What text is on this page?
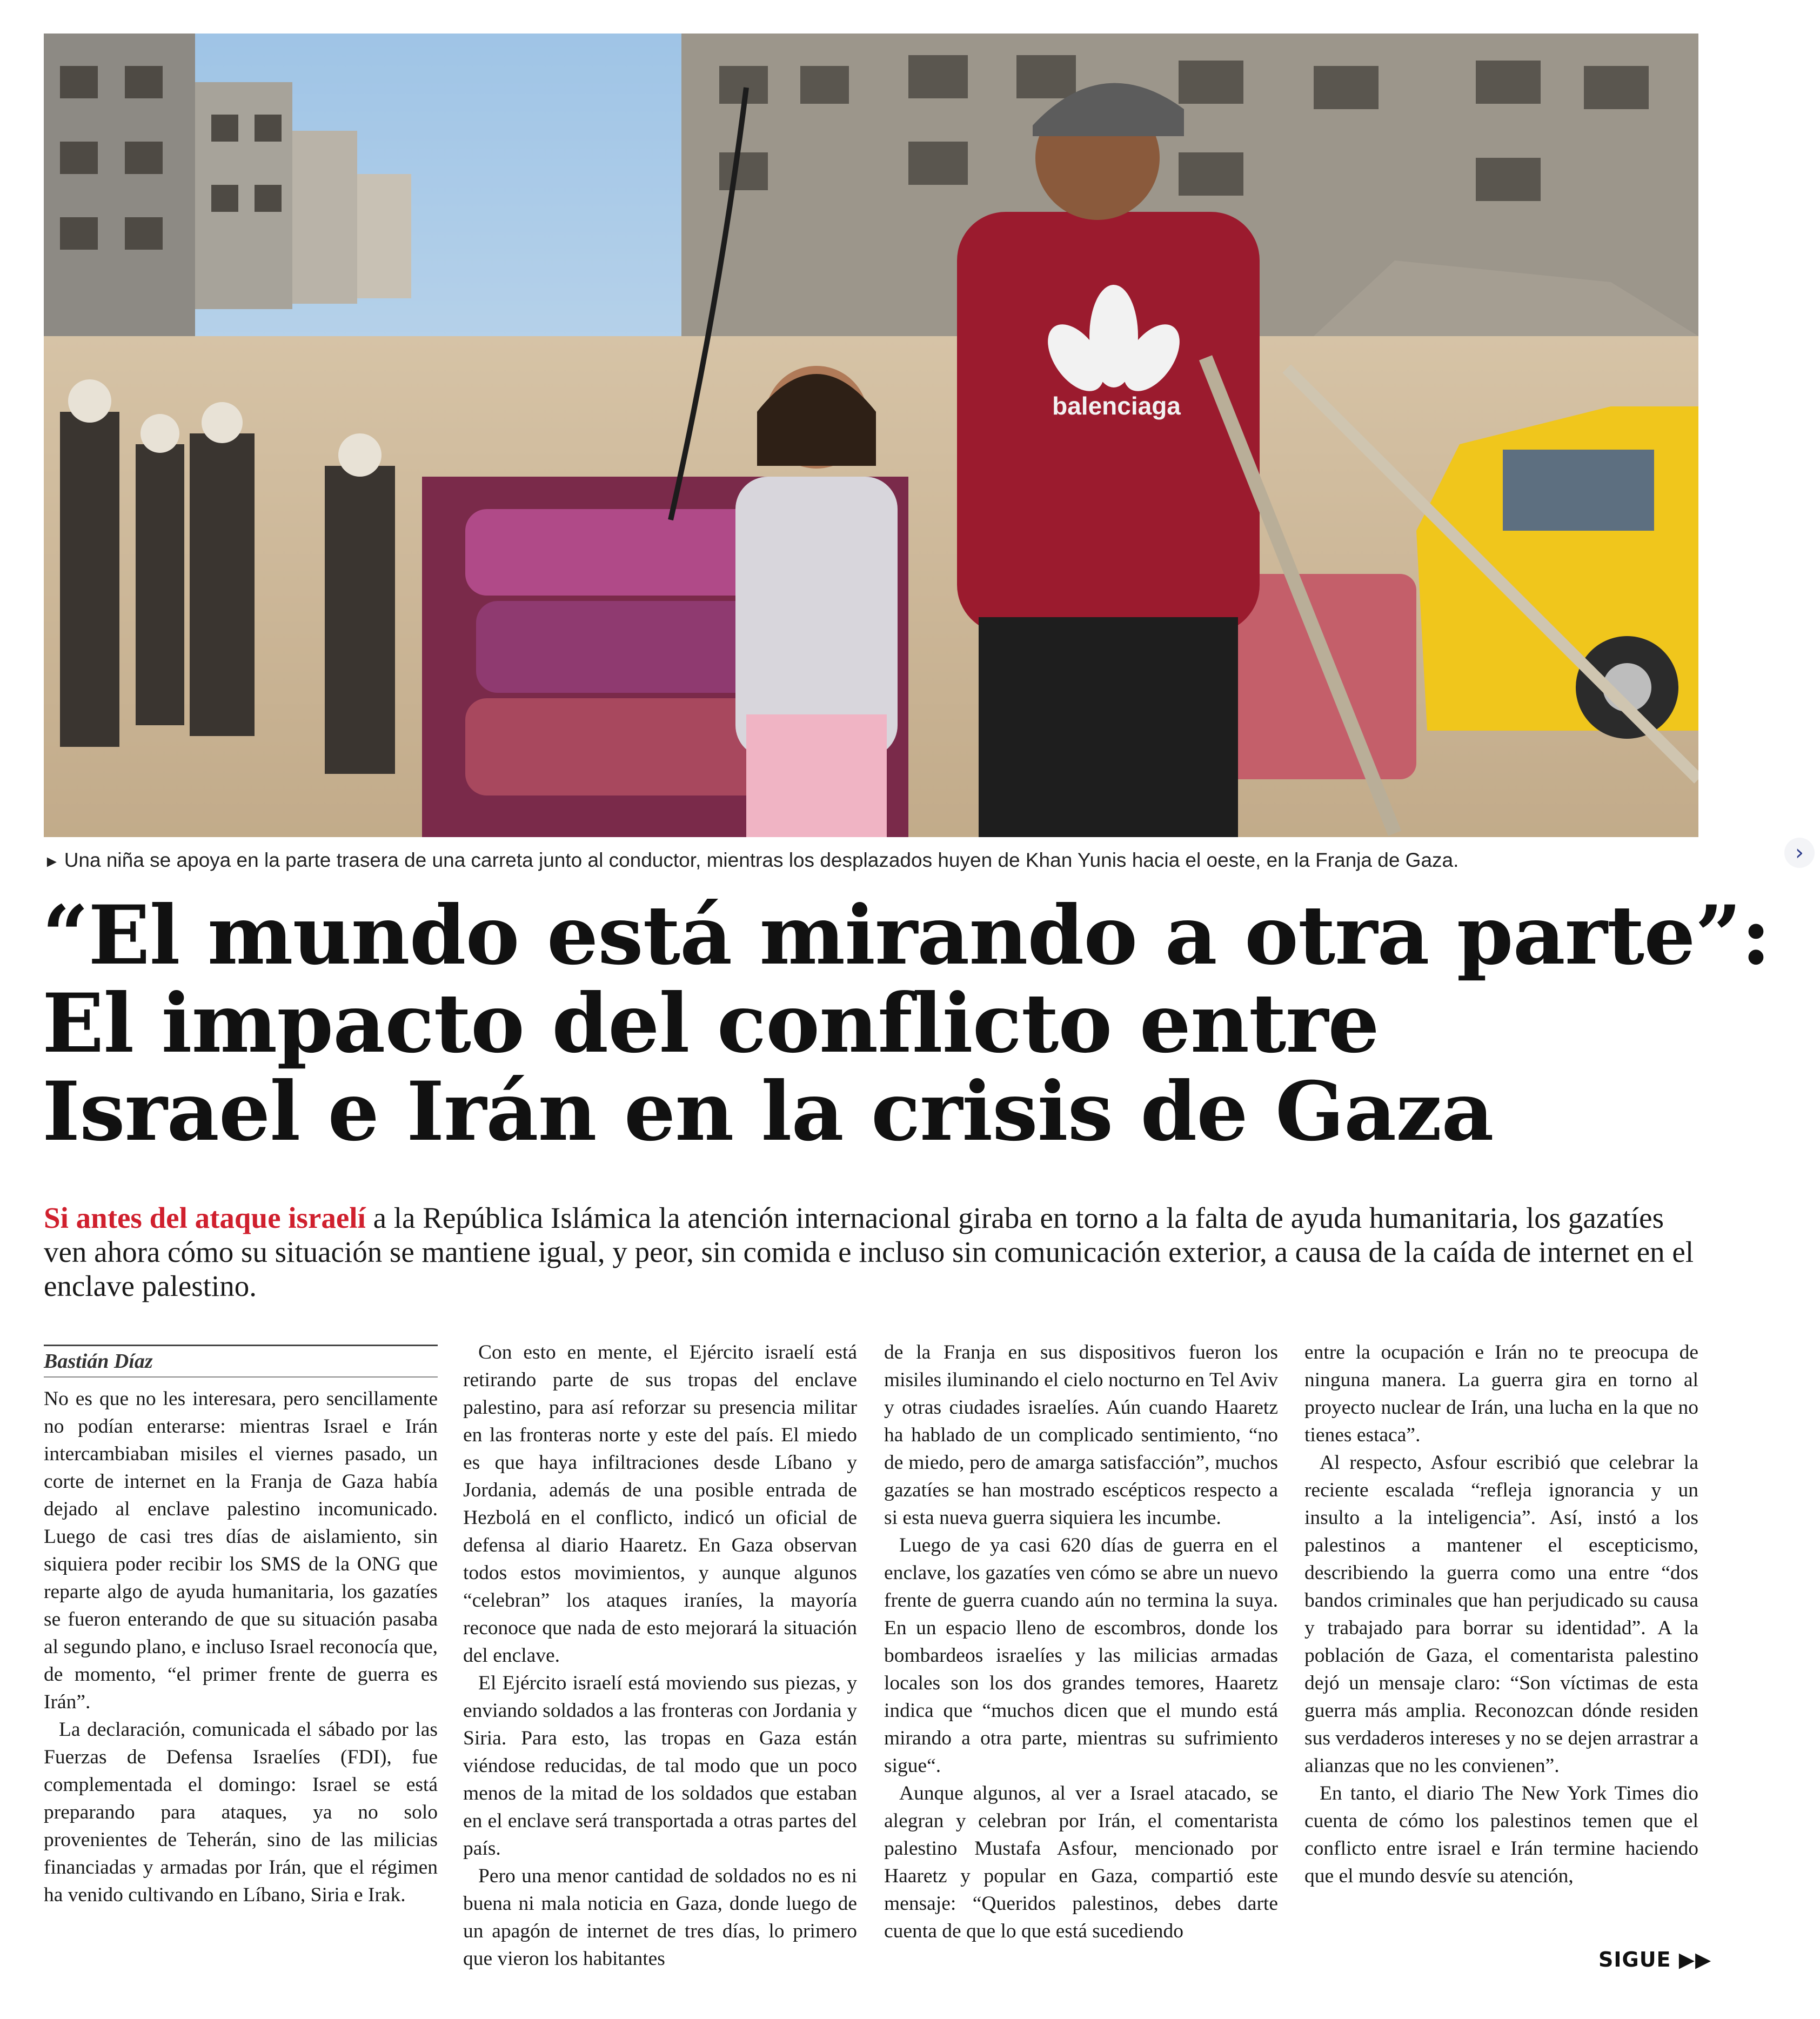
balenciaga
► Una niña se apoya en la parte trasera de una carreta junto al conductor, mientras los desplazados huyen de Khan Yunis hacia el oeste, en la Franja de Gaza.	›
“El mundo está mirando a otra parte”:
El impacto del conflicto entre
Israel e Irán en la crisis de Gaza
Si antes del ataque israelí a la República Islámica la atención internacional giraba en torno a la falta de ayuda humanitaria, los gazatíes ven ahora cómo su situación se mantiene igual, y peor, sin comida e incluso sin comunicación exterior, a causa de la caída de internet en el enclave palestino.
Bastián Díaz

No es que no les interesara, pero sencillamente no podían enterarse: mientras Israel e Irán intercambiaban misiles el viernes pasado, un corte de internet en la Franja de Gaza había dejado al enclave palestino incomunicado. Luego de casi tres días de aislamiento, sin siquiera poder recibir los SMS de la ONG que reparte algo de ayuda humanitaria, los gazatíes se fueron enterando de que su situación pasaba al segundo plano, e incluso Israel reconocía que, de momento, “el primer frente de guerra es Irán”.

La declaración, comunicada el sábado por las Fuerzas de Defensa Israelíes (FDI), fue complementada el domingo: Israel se está preparando para ataques, ya no solo provenientes de Teherán, sino de las milicias financiadas y armadas por Irán, que el régimen ha venido cultivando en Líbano, Siria e Irak.

Con esto en mente, el Ejército israelí está retirando parte de sus tropas del enclave palestino, para así reforzar su presencia militar en las fronteras norte y este del país. El miedo es que haya infiltraciones desde Líbano y Jordania, además de una posible entrada de Hezbolá en el conflicto, indicó un oficial de defensa al diario Haaretz. En Gaza observan todos estos movimientos, y aunque algunos “celebran” los ataques iraníes, la mayoría reconoce que nada de esto mejorará la situación del enclave.

El Ejército israelí está moviendo sus piezas, y enviando soldados a las fronteras con Jordania y Siria. Para esto, las tropas en Gaza están viéndose reducidas, de tal modo que un poco menos de la mitad de los soldados que estaban en el enclave será transportada a otras partes del país.

Pero una menor cantidad de soldados no es ni buena ni mala noticia en Gaza, donde luego de un apagón de internet de tres días, lo primero que vieron los habitantes

de la Franja en sus dispositivos fueron los misiles iluminando el cielo nocturno en Tel Aviv y otras ciudades israelíes. Aún cuando Haaretz ha hablado de un complicado sentimiento, “no de miedo, pero de amarga satisfacción”, muchos gazatíes se han mostrado escépticos respecto a si esta nueva guerra siquiera les incumbe.

Luego de ya casi 620 días de guerra en el enclave, los gazatíes ven cómo se abre un nuevo frente de guerra cuando aún no termina la suya. En un espacio lleno de escombros, donde los bombardeos israelíes y las milicias armadas locales son los dos grandes temores, Haaretz indica que “muchos dicen que el mundo está mirando a otra parte, mientras su sufrimiento sigue“.

Aunque algunos, al ver a Israel atacado, se alegran y celebran por Irán, el comentarista palestino Mustafa Asfour, mencionado por Haaretz y popular en Gaza, compartió este mensaje: “Queridos palestinos, debes darte cuenta de que lo que está sucediendo

entre la ocupación e Irán no te preocupa de ninguna manera. La guerra gira en torno al proyecto nuclear de Irán, una lucha en la que no tienes estaca”.

Al respecto, Asfour escribió que celebrar la reciente escalada “refleja ignorancia y un insulto a la inteligencia”. Así, instó a los palestinos a mantener el escepticismo, describiendo la guerra como una entre “dos bandos criminales que han perjudicado su causa y trabajado para borrar su identidad”. A la población de Gaza, el comentarista palestino dejó un mensaje claro: “Son víctimas de esta guerra más amplia. Reconozcan dónde residen sus verdaderos intereses y no se dejen arrastrar a alianzas que no les convienen”.

En tanto, el diario The New York Times dio cuenta de cómo los palestinos temen que el conflicto entre israel e Irán termine haciendo que el mundo desvíe su atención,

SIGUE ▶▶
